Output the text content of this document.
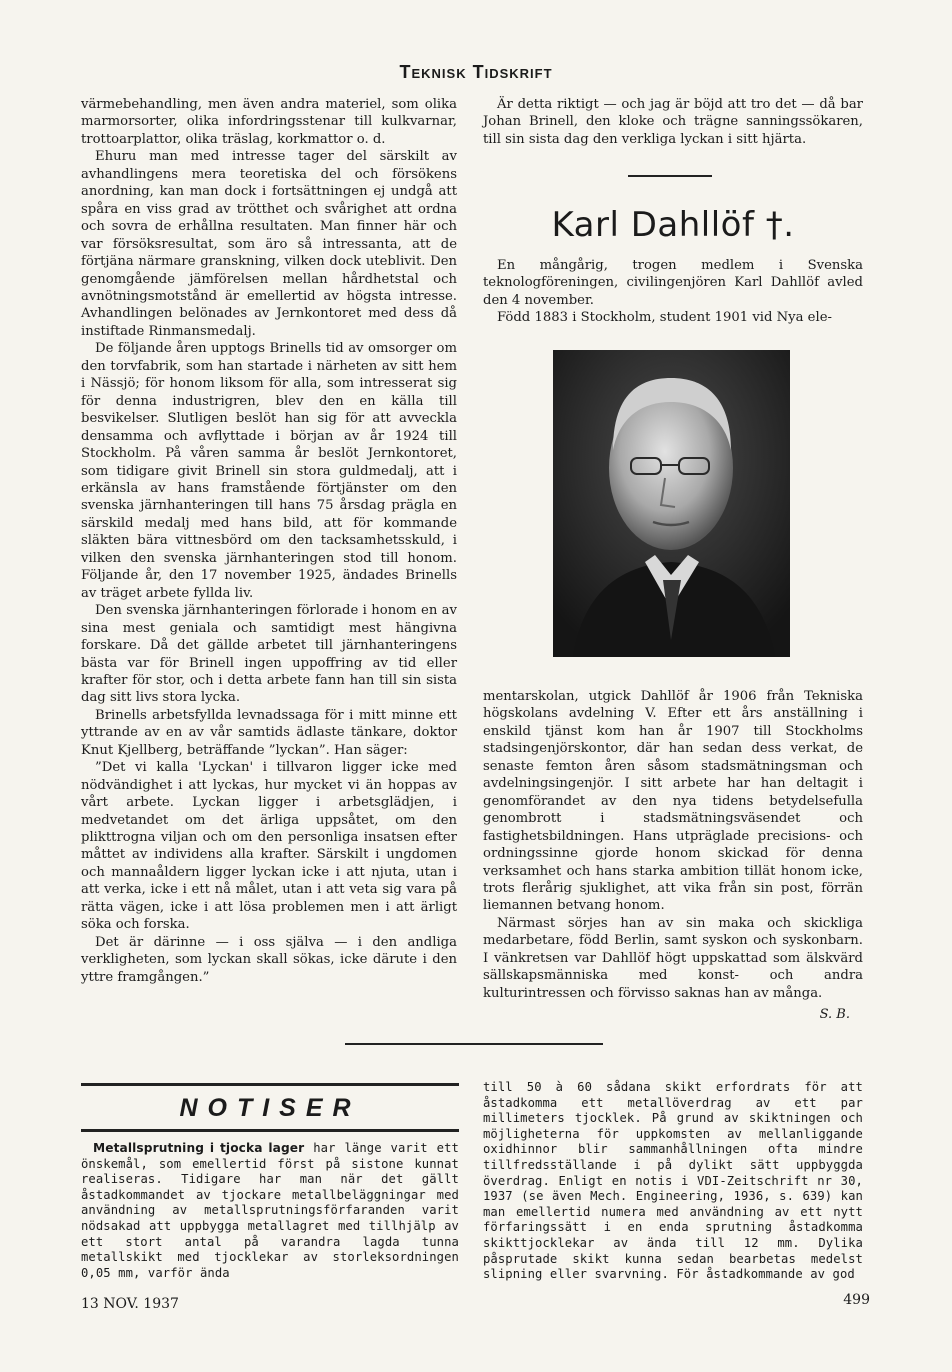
Teknisk Tidskrift

värmebehandling, men även andra materiel, som olika marmorsorter, olika infordringsstenar till kulkvarnar, trottoarplattor, olika träslag, korkmattor o. d.

Ehuru man med intresse tager del särskilt av avhandlingens mera teoretiska del och försökens anordning, kan man dock i fortsättningen ej undgå att spåra en viss grad av trötthet och svårighet att ordna och sovra de erhållna resultaten. Man finner här och var försöksresultat, som äro så intressanta, att de förtjäna närmare granskning, vilken dock uteblivit. Den genomgående jämförelsen mellan hårdhetstal och avnötningsmotstånd är emellertid av högsta intresse. Avhandlingen belönades av Jernkontoret med dess då instiftade Rinmansmedalj.

De följande åren upptogs Brinells tid av omsorger om den torvfabrik, som han startade i närheten av sitt hem i Nässjö; för honom liksom för alla, som intresserat sig för denna industrigren, blev den en källa till besvikelser. Slutligen beslöt han sig för att avveckla densamma och avflyttade i början av år 1924 till Stockholm. På våren samma år beslöt Jernkontoret, som tidigare givit Brinell sin stora guldmedalj, att i erkänsla av hans framstående förtjänster om den svenska järnhanteringen till hans 75 årsdag prägla en särskild medalj med hans bild, att för kommande släkten bära vittnesbörd om den tacksamhetsskuld, i vilken den svenska järnhanteringen stod till honom. Följande år, den 17 november 1925, ändades Brinells av träget arbete fyllda liv.

Den svenska järnhanteringen förlorade i honom en av sina mest geniala och samtidigt mest hängivna forskare. Då det gällde arbetet till järnhanteringens bästa var för Brinell ingen uppoffring av tid eller krafter för stor, och i detta arbete fann han till sin sista dag sitt livs stora lycka.

Brinells arbetsfyllda levnadssaga för i mitt minne ett yttrande av en av vår samtids ädlaste tänkare, doktor Knut Kjellberg, beträffande ”lyckan”. Han säger:

”Det vi kalla 'Lyckan' i tillvaron ligger icke med nödvändighet i att lyckas, hur mycket vi än hoppas av vårt arbete. Lyckan ligger i arbetsglädjen, i medvetandet om det ärliga uppsåtet, om den plikttrogna viljan och om den personliga insatsen efter måttet av individens alla krafter. Särskilt i ungdomen och mannaåldern ligger lyckan icke i att njuta, utan i att verka, icke i ett nå målet, utan i att veta sig vara på rätta vägen, icke i att lösa problemen men i att ärligt söka och forska.

Det är därinne — i oss själva — i den andliga verkligheten, som lyckan skall sökas, icke därute i den yttre framgången.”

Är detta riktigt — och jag är böjd att tro det — då bar Johan Brinell, den kloke och trägne sanningssökaren, till sin sista dag den verkliga lyckan i sitt hjärta.

Karl Dahllöf †.

En mångårig, trogen medlem i Svenska teknologföreningen, civilingenjören Karl Dahllöf avled den 4 november.

Född 1883 i Stockholm, student 1901 vid Nya ele-

mentarskolan, utgick Dahllöf år 1906 från Tekniska högskolans avdelning V. Efter ett års anställning i enskild tjänst kom han år 1907 till Stockholms stadsingenjörskontor, där han sedan dess verkat, de senaste femton åren såsom stadsmätningsman och avdelningsingenjör. I sitt arbete har han deltagit i genomförandet av den nya tidens betydelsefulla genombrott i stadsmätningsväsendet och fastighetsbildningen. Hans utpräglade precisions- och ordningssinne gjorde honom skickad för denna verksamhet och hans starka ambition tillät honom icke, trots flerårig sjuklighet, att vika från sin post, förrän liemannen betvang honom.

Närmast sörjes han av sin maka och skickliga medarbetare, född Berlin, samt syskon och syskonbarn. I vänkretsen var Dahllöf högt uppskattad som älskvärd sällskapsmänniska med konst- och andra kulturintressen och förvisso saknas han av många.

S. B.
NOTISER

Metallsprutning i tjocka lager har länge varit ett önskemål, som emellertid först på sistone kunnat realiseras. Tidigare har man när det gällt åstadkommandet av tjockare metallbeläggningar med användning av metallsprutningsförfaranden varit nödsakad att uppbygga metallagret med tillhjälp av ett stort antal på varandra lagda tunna metallskikt med tjocklekar av storleksordningen 0,05 mm, varför ända

till 50 à 60 sådana skikt erfordrats för att åstadkomma ett metallöverdrag av ett par millimeters tjocklek. På grund av skiktningen och möjligheterna för uppkomsten av mellanliggande oxidhinnor blir sammanhållningen ofta mindre tillfredsställande i på dylikt sätt uppbyggda överdrag. Enligt en notis i VDI-Zeitschrift nr 30, 1937 (se även Mech. Engineering, 1936, s. 639) kan man emellertid numera med användning av ett nytt förfaringssätt i en enda sprutning åstadkomma skikttjocklekar av ända till 12 mm. Dylika påsprutade skikt kunna sedan bearbetas medelst slipning eller svarvning. För åstadkommande av god

13 NOV. 1937	499
